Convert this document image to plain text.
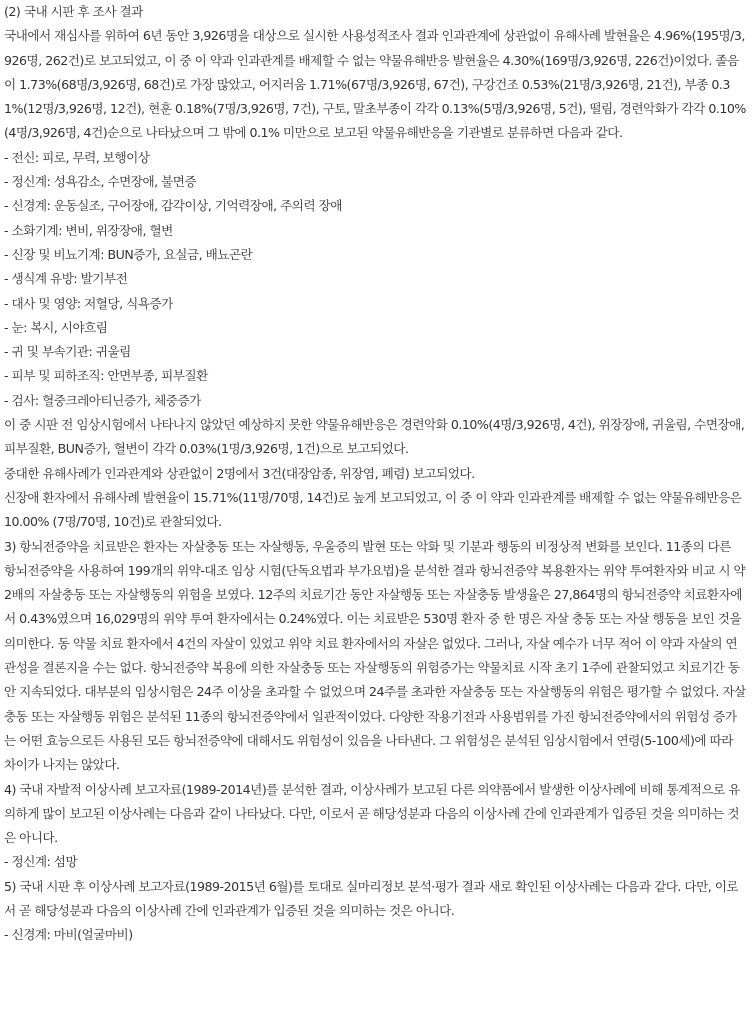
(2) 국내 시판 후 조사 결과

국내에서 재심사를 위하여 6년 동안 3,926명을 대상으로 실시한 사용성적조사 결과 인과관계에 상관없이 유해사례 발현율은 4.96%(195명/3,926명, 262건)로 보고되었고, 이 중 이 약과 인과관계를 배제할 수 없는 약물유해반응 발현율은 4.30%(169명/3,926명, 226건)이었다. 졸음이 1.73%(68명/3,926명, 68건)로 가장 많았고, 어지러움 1.71%(67명/3,926명, 67건), 구강건조 0.53%(21명/3,926명, 21건), 부종 0.31%(12명/3,926명, 12건), 현훈 0.18%(7명/3,926명, 7건), 구토, 말초부종이 각각 0.13%(5명/3,926명, 5건), 떨림, 경련악화가 각각 0.10%(4명/3,926명, 4건)순으로 나타났으며 그 밖에 0.1% 미만으로 보고된 약물유해반응을 기관별로 분류하면 다음과 같다.

- 전신: 피로, 무력, 보행이상

- 정신계: 성욕감소, 수면장애, 불면증

- 신경계: 운동실조, 구어장애, 감각이상, 기억력장애, 주의력 장애

- 소화기계: 변비, 위장장애, 혈변

- 신장 및 비뇨기계: BUN증가, 요실금, 배뇨곤란

- 생식계 유방: 발기부전

- 대사 및 영양: 저혈당, 식욕증가

- 눈: 복시, 시야흐림

- 귀 및 부속기관: 귀울림

- 피부 및 피하조직: 안면부종, 피부질환

- 검사: 혈중크레아티닌증가, 체중증가

이 중 시판 전 임상시험에서 나타나지 않았던 예상하지 못한 약물유해반응은 경련악화 0.10%(4명/3,926명, 4건), 위장장애, 귀울림, 수면장애, 피부질환, BUN증가, 혈변이 각각 0.03%(1명/3,926명, 1건)으로 보고되었다.

중대한 유해사례가 인과관계와 상관없이 2명에서 3건(대장암종, 위장염, 폐렴) 보고되었다.

신장애 환자에서 유해사례 발현율이 15.71%(11명/70명, 14건)로 높게 보고되었고, 이 중 이 약과 인과관계를 배제할 수 없는 약물유해반응은 10.00% (7명/70명, 10건)로 관찰되었다.

3) 항뇌전증약을 치료받은 환자는 자살충동 또는 자살행동, 우울증의 발현 또는 악화 및 기분과 행동의 비정상적 변화를 보인다. 11종의 다른 항뇌전증약을 사용하여 199개의 위약-대조 임상 시험(단독요법과 부가요법)을 분석한 결과 항뇌전증약 복용환자는 위약 투여환자와 비교 시 약 2배의 자살충동 또는 자살행동의 위험을 보였다. 12주의 치료기간 동안 자살행동 또는 자살충동 발생율은 27,864명의 항뇌전증약 치료환자에서 0.43%였으며 16,029명의 위약 투여 환자에서는 0.24%였다. 이는 치료받은 530명 환자 중 한 명은 자살 충동 또는 자살 행동을 보인 것을 의미한다. 동 약물 치료 환자에서 4건의 자살이 있었고 위약 치료 환자에서의 자살은 없었다. 그러나, 자살 예수가 너무 적어 이 약과 자살의 연관성을 결론지을 수는 없다. 항뇌전증약 복용에 의한 자살충동 또는 자살행동의 위험증가는 약물치료 시작 초기 1주에 관찰되었고 치료기간 동안 지속되었다. 대부분의 임상시험은 24주 이상을 초과할 수 없었으며 24주를 초과한 자살충동 또는 자살행동의 위험은 평가할 수 없었다. 자살충동 또는 자살행동 위험은 분석된 11종의 항뇌전증약에서 일관적이었다. 다양한 작용기전과 사용범위를 가진 항뇌전증약에서의 위험성 증가는 어떤 효능으로든 사용된 모든 항뇌전증약에 대해서도 위험성이 있음을 나타낸다. 그 위험성은 분석된 임상시험에서 연령(5-100세)에 따라 차이가 나지는 않았다.

4) 국내 자발적 이상사례 보고자료(1989-2014년)를 분석한 결과, 이상사례가 보고된 다른 의약품에서 발생한 이상사례에 비해 통계적으로 유의하게 많이 보고된 이상사례는 다음과 같이 나타났다. 다만, 이로서 곧 해당성분과 다음의 이상사례 간에 인과관계가 입증된 것을 의미하는 것은 아니다.

- 정신계: 섬망

5) 국내 시판 후 이상사례 보고자료(1989-2015년 6월)를 토대로 실마리정보 분석·평가 결과 새로 확인된 이상사례는 다음과 같다. 다만, 이로서 곧 해당성분과 다음의 이상사례 간에 인과관계가 입증된 것을 의미하는 것은 아니다.

- 신경계: 마비(얼굴마비)
